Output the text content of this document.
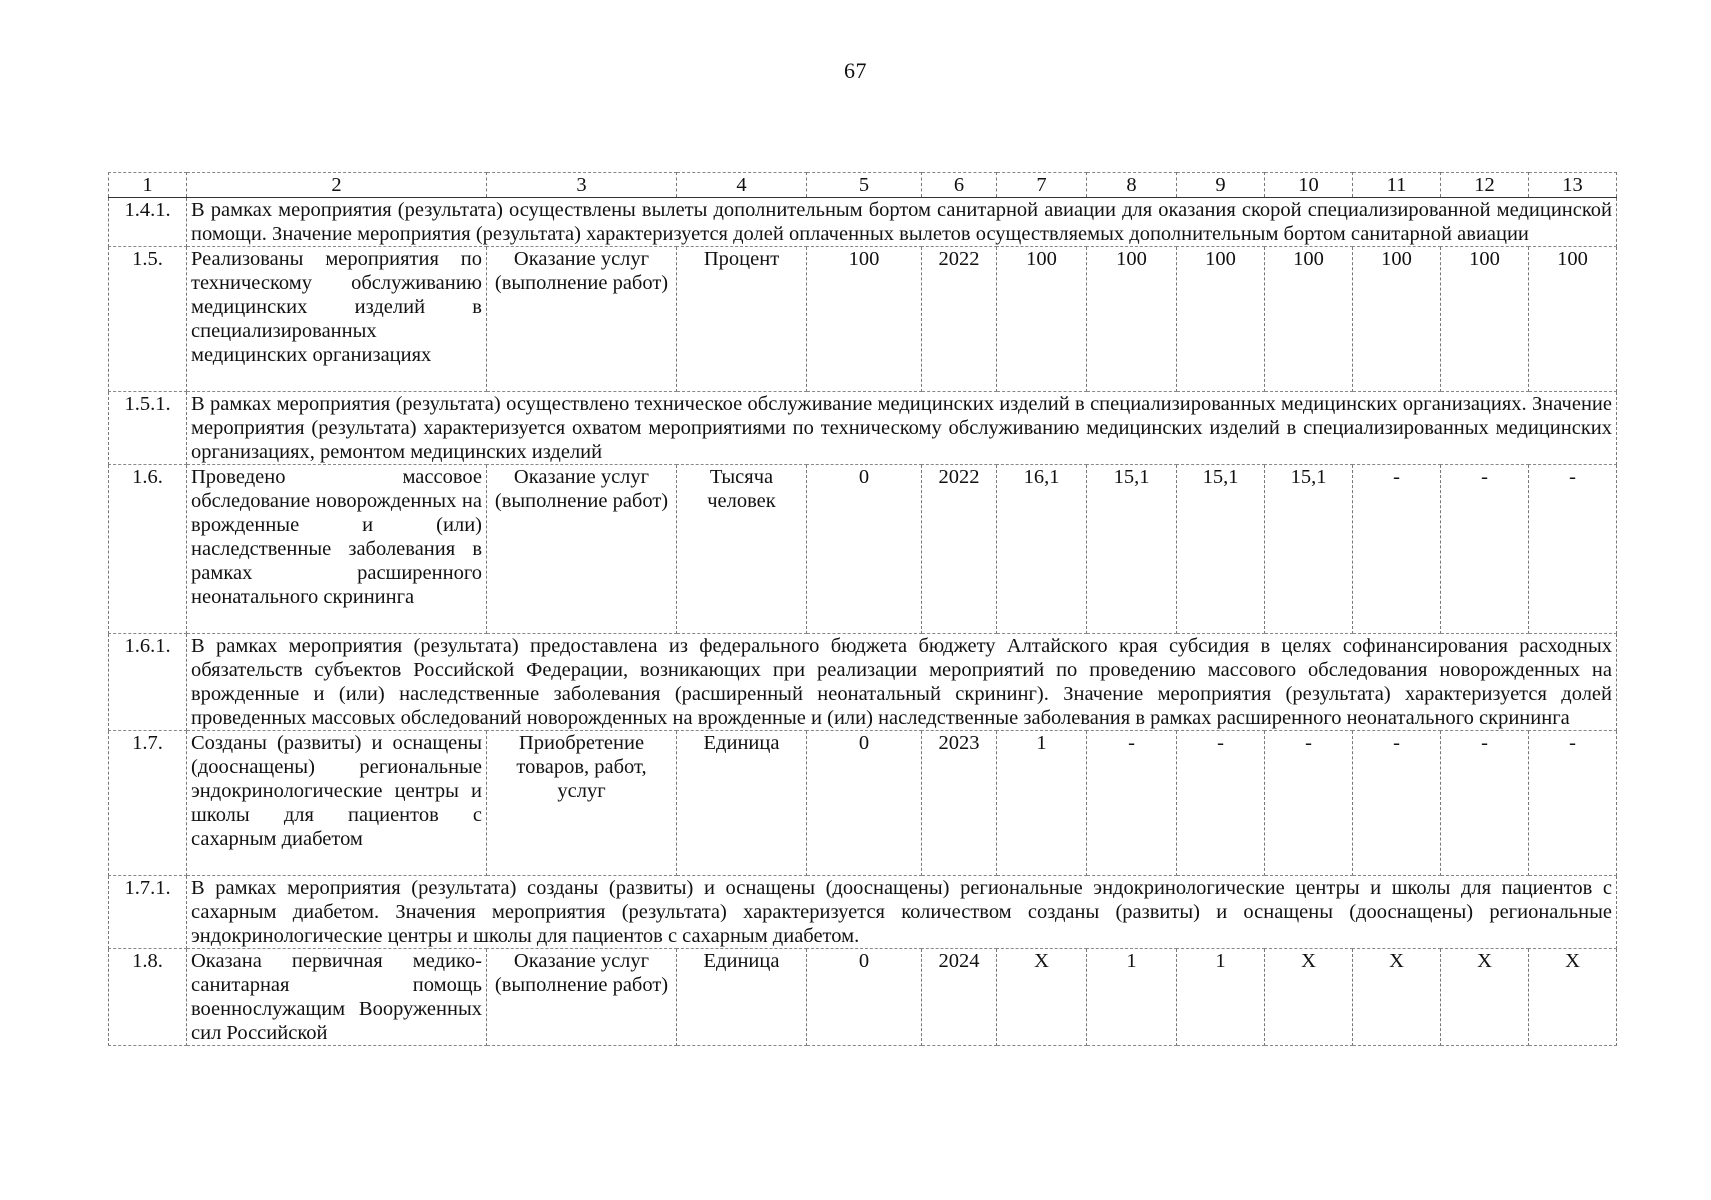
67
1	2	3	4	5	6	7	8	9	10	11	12	13
1.4.1.	В рамках мероприятия (результата) осуществлены вылеты дополнительным бортом санитарной авиации для оказания скорой специализированной медицинской помощи. Значение мероприятия (результата) характеризуется долей оплаченных вылетов осуществляемых дополнительным бортом санитарной авиации											
1.5.	Реализованы мероприятия по техническому обслуживанию медицинских изделий в специализированных медицинских организациях	Оказание услуг (выполнение работ)	Процент	100	2022	100	100	100	100	100	100	100
1.5.1.	В рамках мероприятия (результата) осуществлено техническое обслуживание медицинских изделий в специализированных медицинских организациях. Значение мероприятия (результата) характеризуется охватом мероприятиями по техническому обслуживанию медицинских изделий в специализированных медицинских организациях, ремонтом медицинских изделий											
1.6.	Проведено массовое обследование новорожденных на врожденные и (или) наследственные заболевания в рамках расширенного неонатального скрининга	Оказание услуг (выполнение работ)	Тысяча человек	0	2022	16,1	15,1	15,1	15,1	-	-	-
1.6.1.	В рамках мероприятия (результата) предоставлена из федерального бюджета бюджету Алтайского края субсидия в целях софинансирования расходных обязательств субъектов Российской Федерации, возникающих при реализации мероприятий по проведению массового обследования новорожденных на врожденные и (или) наследственные заболевания (расширенный неонатальный скрининг). Значение мероприятия (результата) характеризуется долей проведенных массовых обследований новорожденных на врожденные и (или) наследственные заболевания в рамках расширенного неонатального скрининга											
1.7.	Созданы (развиты) и оснащены (дооснащены) региональные эндокринологические центры и школы для пациентов с сахарным диабетом	Приобретение товаров, работ, услуг	Единица	0	2023	1	-	-	-	-	-	-
1.7.1.	В рамках мероприятия (результата) созданы (развиты) и оснащены (дооснащены) региональные эндокринологические центры и школы для пациентов с сахарным диабетом. Значения мероприятия (результата) характеризуется количеством созданы (развиты) и оснащены (дооснащены) региональные эндокринологические центры и школы для пациентов с сахарным диабетом.											
1.8.	Оказана первичная медико-санитарная помощь военнослужащим Вооруженных сил Российской	Оказание услуг (выполнение работ)	Единица	0	2024	X	1	1	X	X	X	X
